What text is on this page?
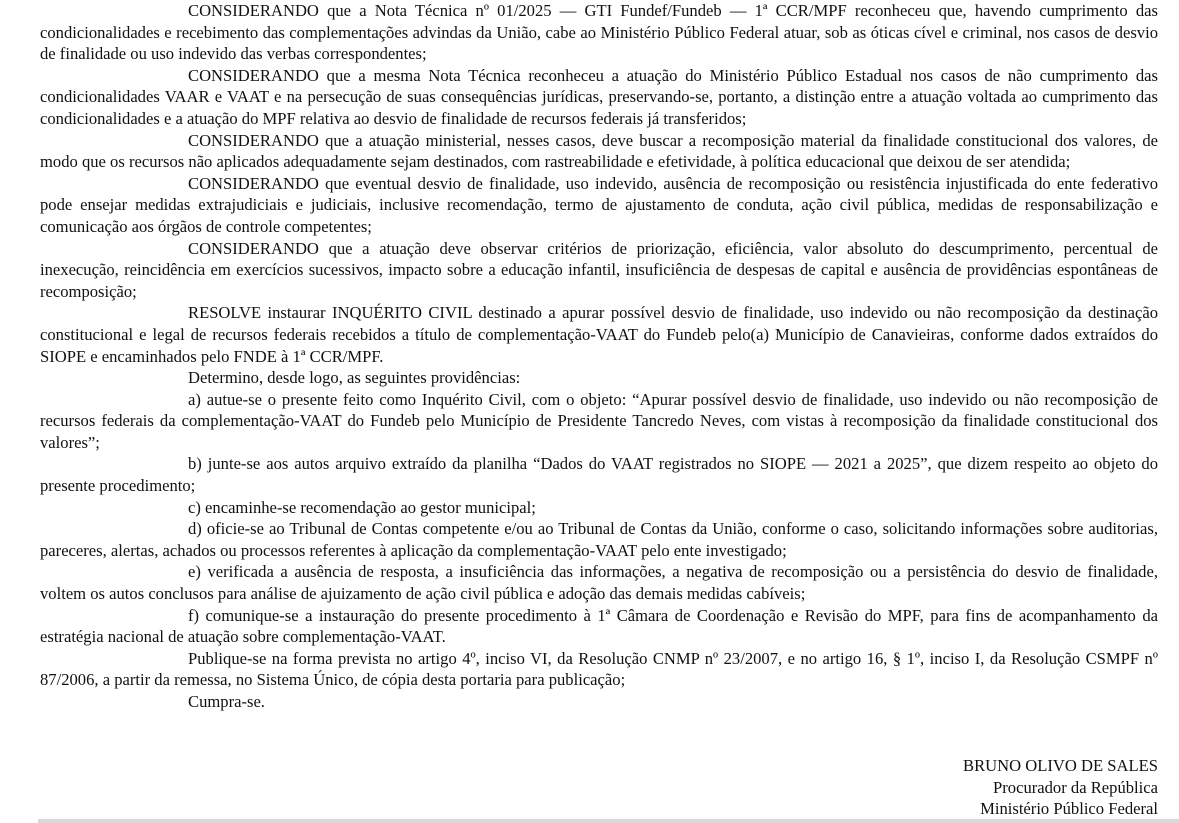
CONSIDERANDO que a Nota Técnica nº 01/2025 — GTI Fundef/Fundeb — 1ª CCR/MPF reconheceu que, havendo cumprimento das condicionalidades e recebimento das complementações advindas da União, cabe ao Ministério Público Federal atuar, sob as óticas cível e criminal, nos casos de desvio de finalidade ou uso indevido das verbas correspondentes;

CONSIDERANDO que a mesma Nota Técnica reconheceu a atuação do Ministério Público Estadual nos casos de não cumprimento das condicionalidades VAAR e VAAT e na persecução de suas consequências jurídicas, preservando-se, portanto, a distinção entre a atuação voltada ao cumprimento das condicionalidades e a atuação do MPF relativa ao desvio de finalidade de recursos federais já transferidos;

CONSIDERANDO que a atuação ministerial, nesses casos, deve buscar a recomposição material da finalidade constitucional dos valores, de modo que os recursos não aplicados adequadamente sejam destinados, com rastreabilidade e efetividade, à política educacional que deixou de ser atendida;

CONSIDERANDO que eventual desvio de finalidade, uso indevido, ausência de recomposição ou resistência injustificada do ente federativo pode ensejar medidas extrajudiciais e judiciais, inclusive recomendação, termo de ajustamento de conduta, ação civil pública, medidas de responsabilização e comunicação aos órgãos de controle competentes;

CONSIDERANDO que a atuação deve observar critérios de priorização, eficiência, valor absoluto do descumprimento, percentual de inexecução, reincidência em exercícios sucessivos, impacto sobre a educação infantil, insuficiência de despesas de capital e ausência de providências espontâneas de recomposição;

RESOLVE instaurar INQUÉRITO CIVIL destinado a apurar possível desvio de finalidade, uso indevido ou não recomposição da destinação constitucional e legal de recursos federais recebidos a título de complementação-VAAT do Fundeb pelo(a) Município de Canavieiras, conforme dados extraídos do SIOPE e encaminhados pelo FNDE à 1ª CCR/MPF.

Determino, desde logo, as seguintes providências:

a) autue-se o presente feito como Inquérito Civil, com o objeto: “Apurar possível desvio de finalidade, uso indevido ou não recomposição de recursos federais da complementação-VAAT do Fundeb pelo Município de Presidente Tancredo Neves, com vistas à recomposição da finalidade constitucional dos valores”;

b) junte-se aos autos arquivo extraído da planilha “Dados do VAAT registrados no SIOPE — 2021 a 2025”, que dizem respeito ao objeto do presente procedimento;

c) encaminhe-se recomendação ao gestor municipal;

d) oficie-se ao Tribunal de Contas competente e/ou ao Tribunal de Contas da União, conforme o caso, solicitando informações sobre auditorias, pareceres, alertas, achados ou processos referentes à aplicação da complementação-VAAT pelo ente investigado;

e) verificada a ausência de resposta, a insuficiência das informações, a negativa de recomposição ou a persistência do desvio de finalidade, voltem os autos conclusos para análise de ajuizamento de ação civil pública e adoção das demais medidas cabíveis;

f) comunique-se a instauração do presente procedimento à 1ª Câmara de Coordenação e Revisão do MPF, para fins de acompanhamento da estratégia nacional de atuação sobre complementação-VAAT.

Publique-se na forma prevista no artigo 4º, inciso VI, da Resolução CNMP nº 23/2007, e no artigo 16, § 1º, inciso I, da Resolução CSMPF nº 87/2006, a partir da remessa, no Sistema Único, de cópia desta portaria para publicação;

Cumpra-se.

BRUNO OLIVO DE SALES
Procurador da República
Ministério Público Federal
